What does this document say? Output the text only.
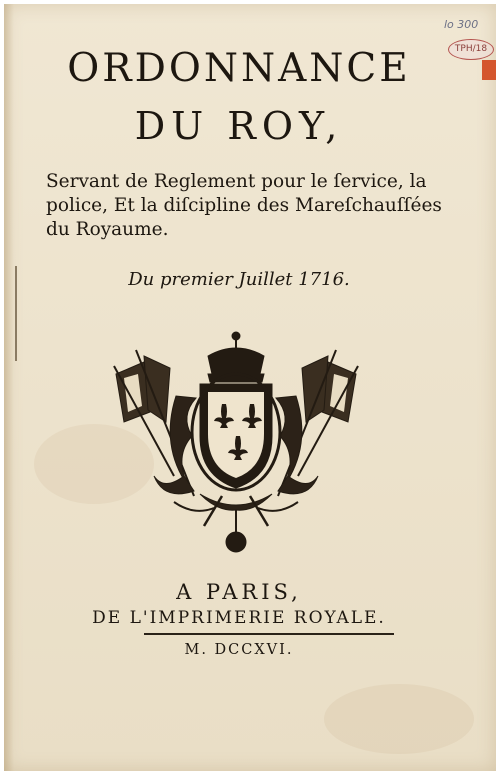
lo 300
TPH/18
ORDONNANCE
DU ROY,
Servant de Reglement pour le ſervice, la police, Et la diſcipline des Mareſchauſſées du Royaume.
Du premier Juillet 1716.
A PARIS,
DE L'IMPRIMERIE ROYALE.
M. DCCXVI.
